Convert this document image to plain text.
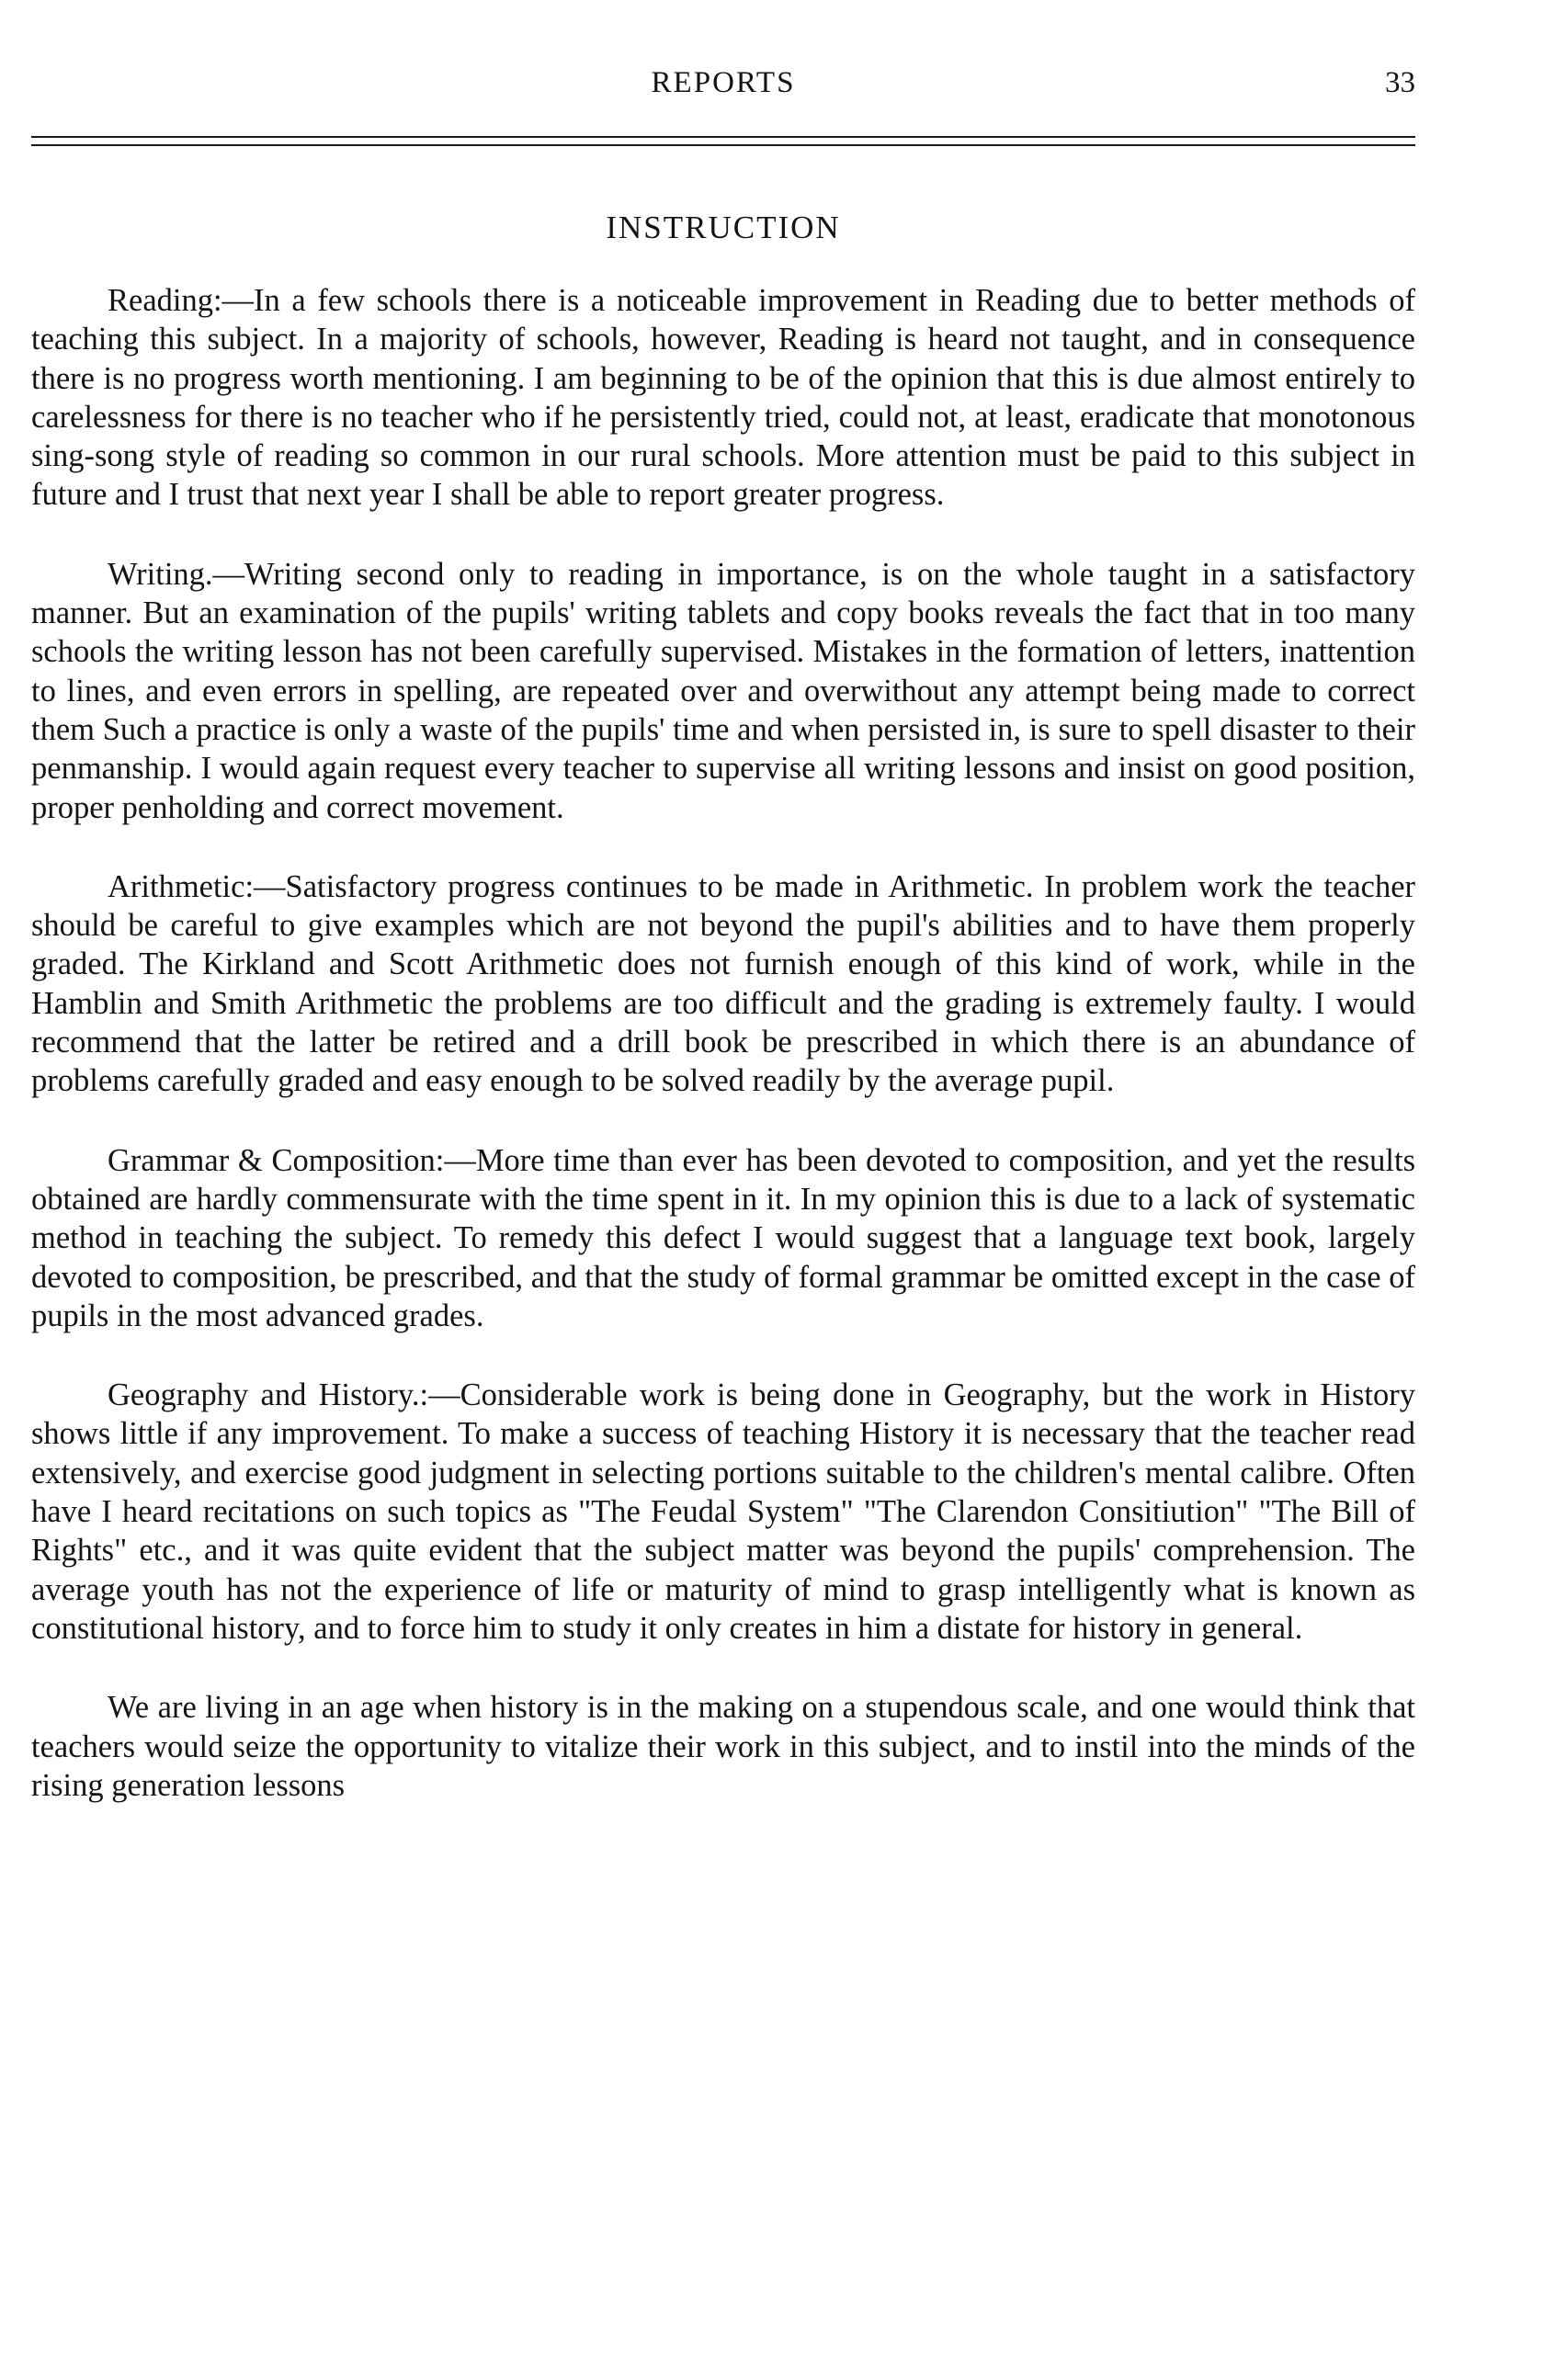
REPORTS	33
INSTRUCTION

Reading:—In a few schools there is a noticeable improvement in Reading due to better methods of teaching this subject. In a majority of schools, however, Reading is heard not taught, and in consequence there is no progress worth mentioning. I am beginning to be of the opinion that this is due almost entirely to carelessness for there is no teacher who if he persistently tried, could not, at least, eradicate that monotonous sing-song style of reading so common in our rural schools. More attention must be paid to this subject in future and I trust that next year I shall be able to report greater progress.

Writing.—Writing second only to reading in importance, is on the whole taught in a satisfactory manner. But an examination of the pupils' writing tablets and copy books reveals the fact that in too many schools the writing lesson has not been carefully supervised. Mistakes in the formation of letters, inattention to lines, and even errors in spelling, are repeated over and overwithout any attempt being made to correct them Such a practice is only a waste of the pupils' time and when persisted in, is sure to spell disaster to their penmanship. I would again request every teacher to supervise all writing lessons and insist on good position, proper penholding and correct movement.

Arithmetic:—Satisfactory progress continues to be made in Arithmetic. In problem work the teacher should be careful to give examples which are not beyond the pupil's abilities and to have them properly graded. The Kirkland and Scott Arithmetic does not furnish enough of this kind of work, while in the Hamblin and Smith Arithmetic the problems are too difficult and the grading is extremely faulty. I would recommend that the latter be retired and a drill book be prescribed in which there is an abundance of problems carefully graded and easy enough to be solved readily by the average pupil.

Grammar & Composition:—More time than ever has been devoted to composition, and yet the results obtained are hardly commensurate with the time spent in it. In my opinion this is due to a lack of systematic method in teaching the subject. To remedy this defect I would suggest that a language text book, largely devoted to composition, be prescribed, and that the study of formal grammar be omitted except in the case of pupils in the most advanced grades.

Geography and History.:—Considerable work is being done in Geography, but the work in History shows little if any improvement. To make a success of teaching History it is necessary that the teacher read extensively, and exercise good judgment in selecting portions suitable to the children's mental calibre. Often have I heard recitations on such topics as "The Feudal System" "The Clarendon Consitiution" "The Bill of Rights" etc., and it was quite evident that the subject matter was beyond the pupils' comprehension. The average youth has not the experience of life or maturity of mind to grasp intelligently what is known as constitutional history, and to force him to study it only creates in him a distate for history in general.

We are living in an age when history is in the making on a stupendous scale, and one would think that teachers would seize the opportunity to vitalize their work in this subject, and to instil into the minds of the rising generation lessons
